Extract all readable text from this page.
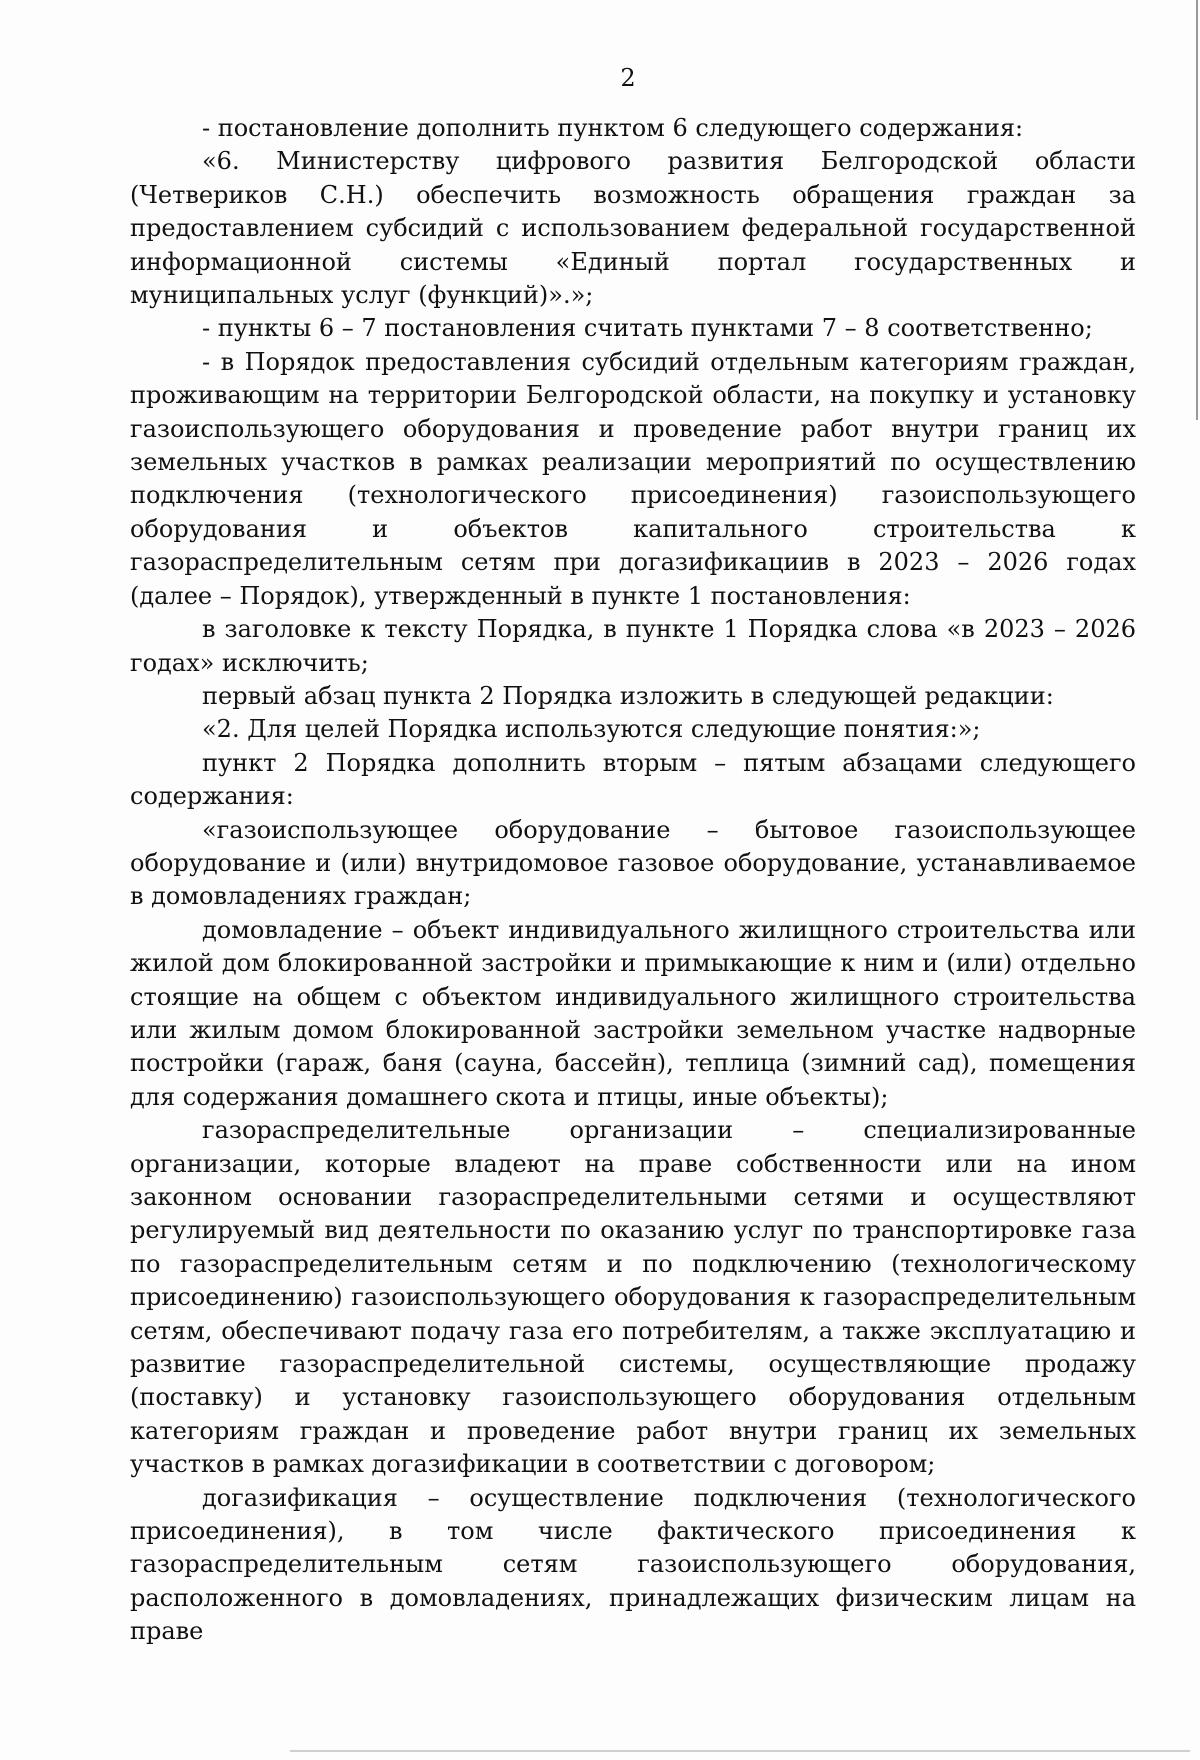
2

- постановление дополнить пунктом 6 следующего содержания:

«6. Министерству цифрового развития Белгородской области (Четвериков С.Н.) обеспечить возможность обращения граждан за предоставлением субсидий с использованием федеральной государственной информационной системы «Единый портал государственных и муниципальных услуг (функций)».»;

- пункты 6 – 7 постановления считать пунктами 7 – 8 соответственно;

- в Порядок предоставления субсидий отдельным категориям граждан, проживающим на территории Белгородской области, на покупку и установку газоиспользующего оборудования и проведение работ внутри границ их земельных участков в рамках реализации мероприятий по осуществлению подключения (технологического присоединения) газоиспользующего оборудования и объектов капитального строительства к газораспределительным сетям при догазификациив в 2023 – 2026 годах (далее – Порядок), утвержденный в пункте 1 постановления:

в заголовке к тексту Порядка, в пункте 1 Порядка слова «в 2023 – 2026 годах» исключить;

первый абзац пункта 2 Порядка изложить в следующей редакции:

«2. Для целей Порядка используются следующие понятия:»;

пункт 2 Порядка дополнить вторым – пятым абзацами следующего содержания:

«газоиспользующее оборудование – бытовое газоиспользующее оборудование и (или) внутридомовое газовое оборудование, устанавливаемое в домовладениях граждан;

домовладение – объект индивидуального жилищного строительства или жилой дом блокированной застройки и примыкающие к ним и (или) отдельно стоящие на общем с объектом индивидуального жилищного строительства или жилым домом блокированной застройки земельном участке надворные постройки (гараж, баня (сауна, бассейн), теплица (зимний сад), помещения для содержания домашнего скота и птицы, иные объекты);

газораспределительные организации – специализированные организации, которые владеют на праве собственности или на ином законном основании газораспределительными сетями и осуществляют регулируемый вид деятельности по оказанию услуг по транспортировке газа по газораспределительным сетям и по подключению (технологическому присоединению) газоиспользующего оборудования к газораспределительным сетям, обеспечивают подачу газа его потребителям, а также эксплуатацию и развитие газораспределительной системы, осуществляющие продажу (поставку) и установку газоиспользующего оборудования отдельным категориям граждан и проведение работ внутри границ их земельных участков в рамках догазификации в соответствии с договором;

догазификация – осуществление подключения (технологического присоединения), в том числе фактического присоединения к газораспределительным сетям газоиспользующего оборудования, расположенного в домовладениях, принадлежащих физическим лицам на праве
